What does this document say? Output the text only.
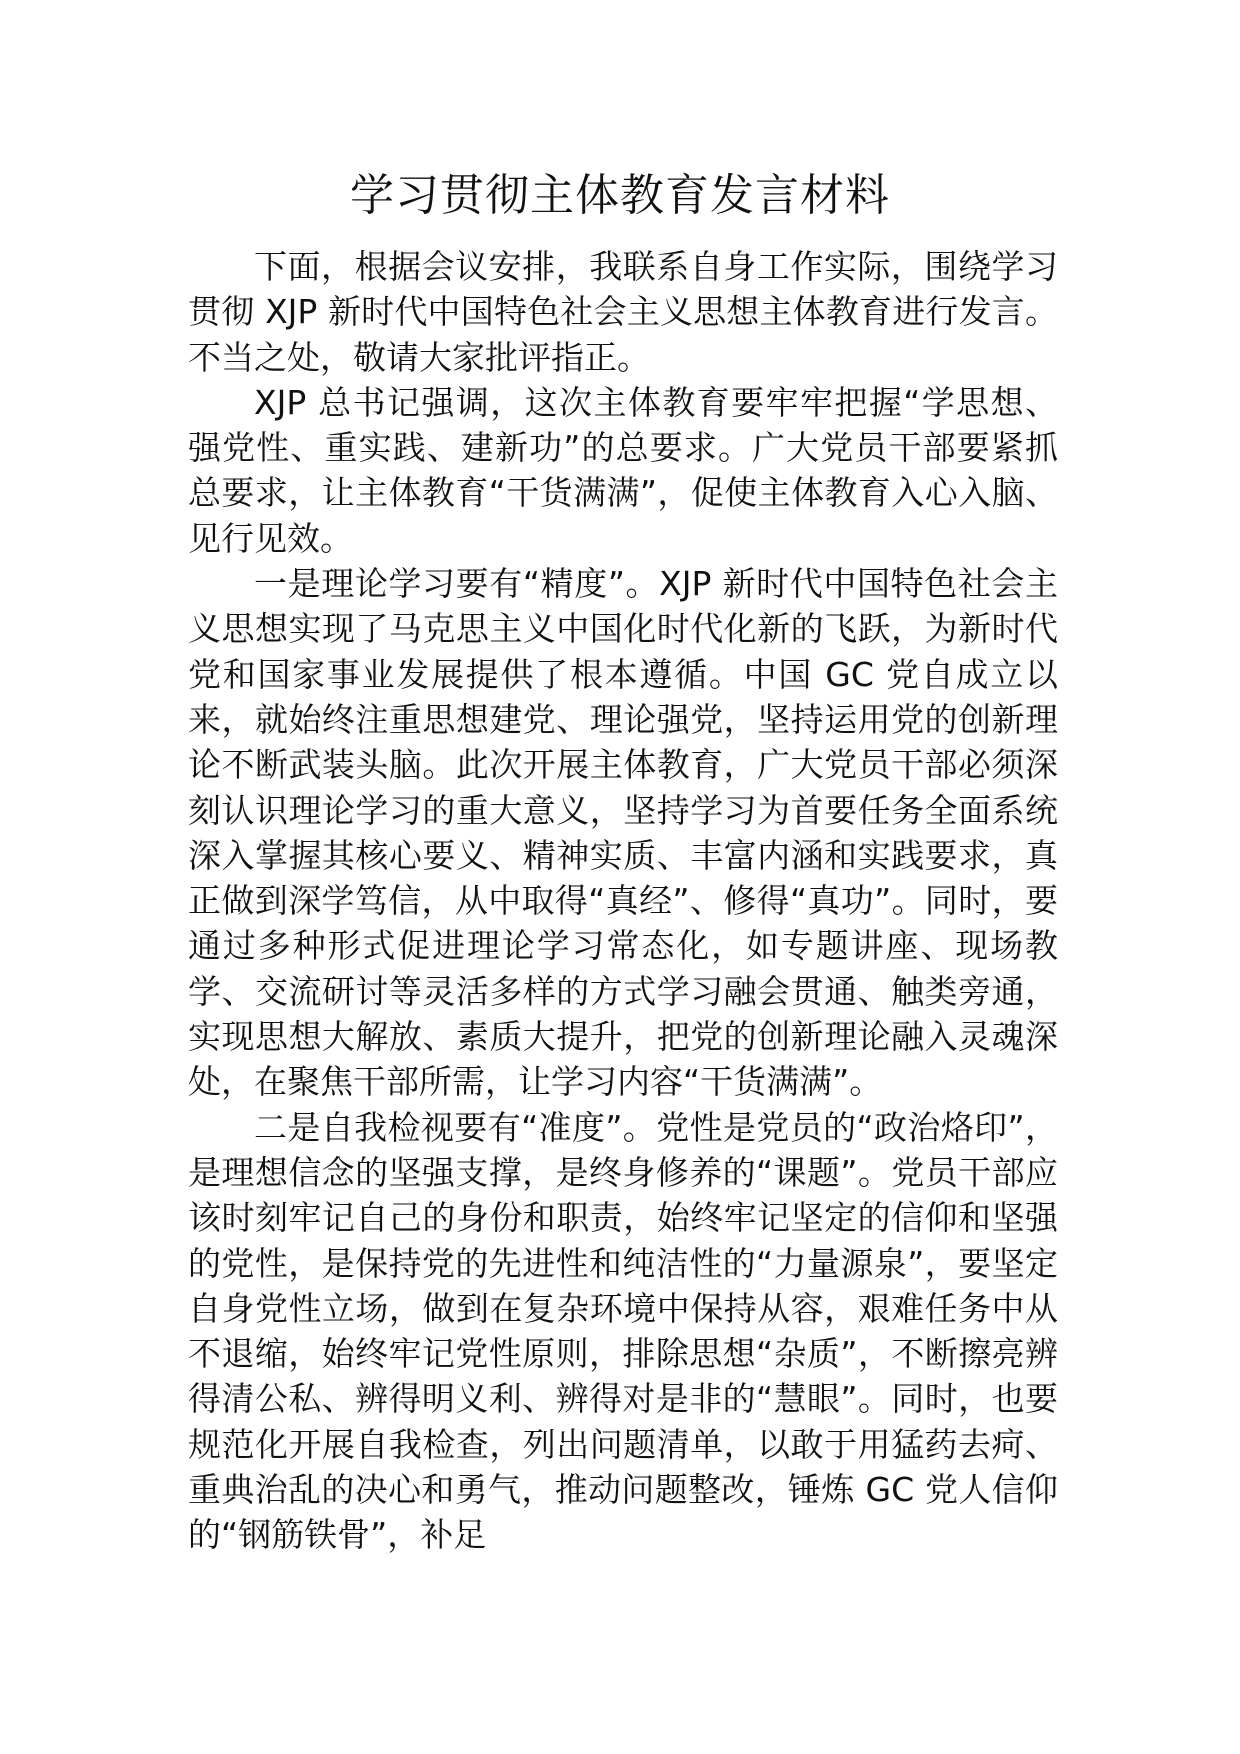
学习贯彻主体教育发言材料

下面，根据会议安排，我联系自身工作实际，围绕学习贯彻 XJP 新时代中国特色社会主义思想主体教育进行发言。不当之处，敬请大家批评指正。

XJP 总书记强调，这次主体教育要牢牢把握“学思想、强党性、重实践、建新功”的总要求。广大党员干部要紧抓总要求，让主体教育“干货满满”，促使主体教育入心入脑、见行见效。

一是理论学习要有“精度”。XJP 新时代中国特色社会主义思想实现了马克思主义中国化时代化新的飞跃，为新时代党和国家事业发展提供了根本遵循。中国 GC 党自成立以来，就始终注重思想建党、理论强党，坚持运用党的创新理论不断武装头脑。此次开展主体教育，广大党员干部必须深刻认识理论学习的重大意义，坚持学习为首要任务全面系统深入掌握其核心要义、精神实质、丰富内涵和实践要求，真正做到深学笃信，从中取得“真经”、修得“真功”。同时，要通过多种形式促进理论学习常态化，如专题讲座、现场教学、交流研讨等灵活多样的方式学习融会贯通、触类旁通，实现思想大解放、素质大提升，把党的创新理论融入灵魂深处，在聚焦干部所需，让学习内容“干货满满”。

二是自我检视要有“准度”。党性是党员的“政治烙印”，是理想信念的坚强支撑，是终身修养的“课题”。党员干部应该时刻牢记自己的身份和职责，始终牢记坚定的信仰和坚强的党性，是保持党的先进性和纯洁性的“力量源泉”，要坚定自身党性立场，做到在复杂环境中保持从容，艰难任务中从不退缩，始终牢记党性原则，排除思想“杂质”，不断擦亮辨得清公私、辨得明义利、辨得对是非的“慧眼”。同时，也要规范化开展自我检查，列出问题清单，以敢于用猛药去疴、重典治乱的决心和勇气，推动问题整改，锤炼 GC 党人信仰的“钢筋铁骨”，补足
